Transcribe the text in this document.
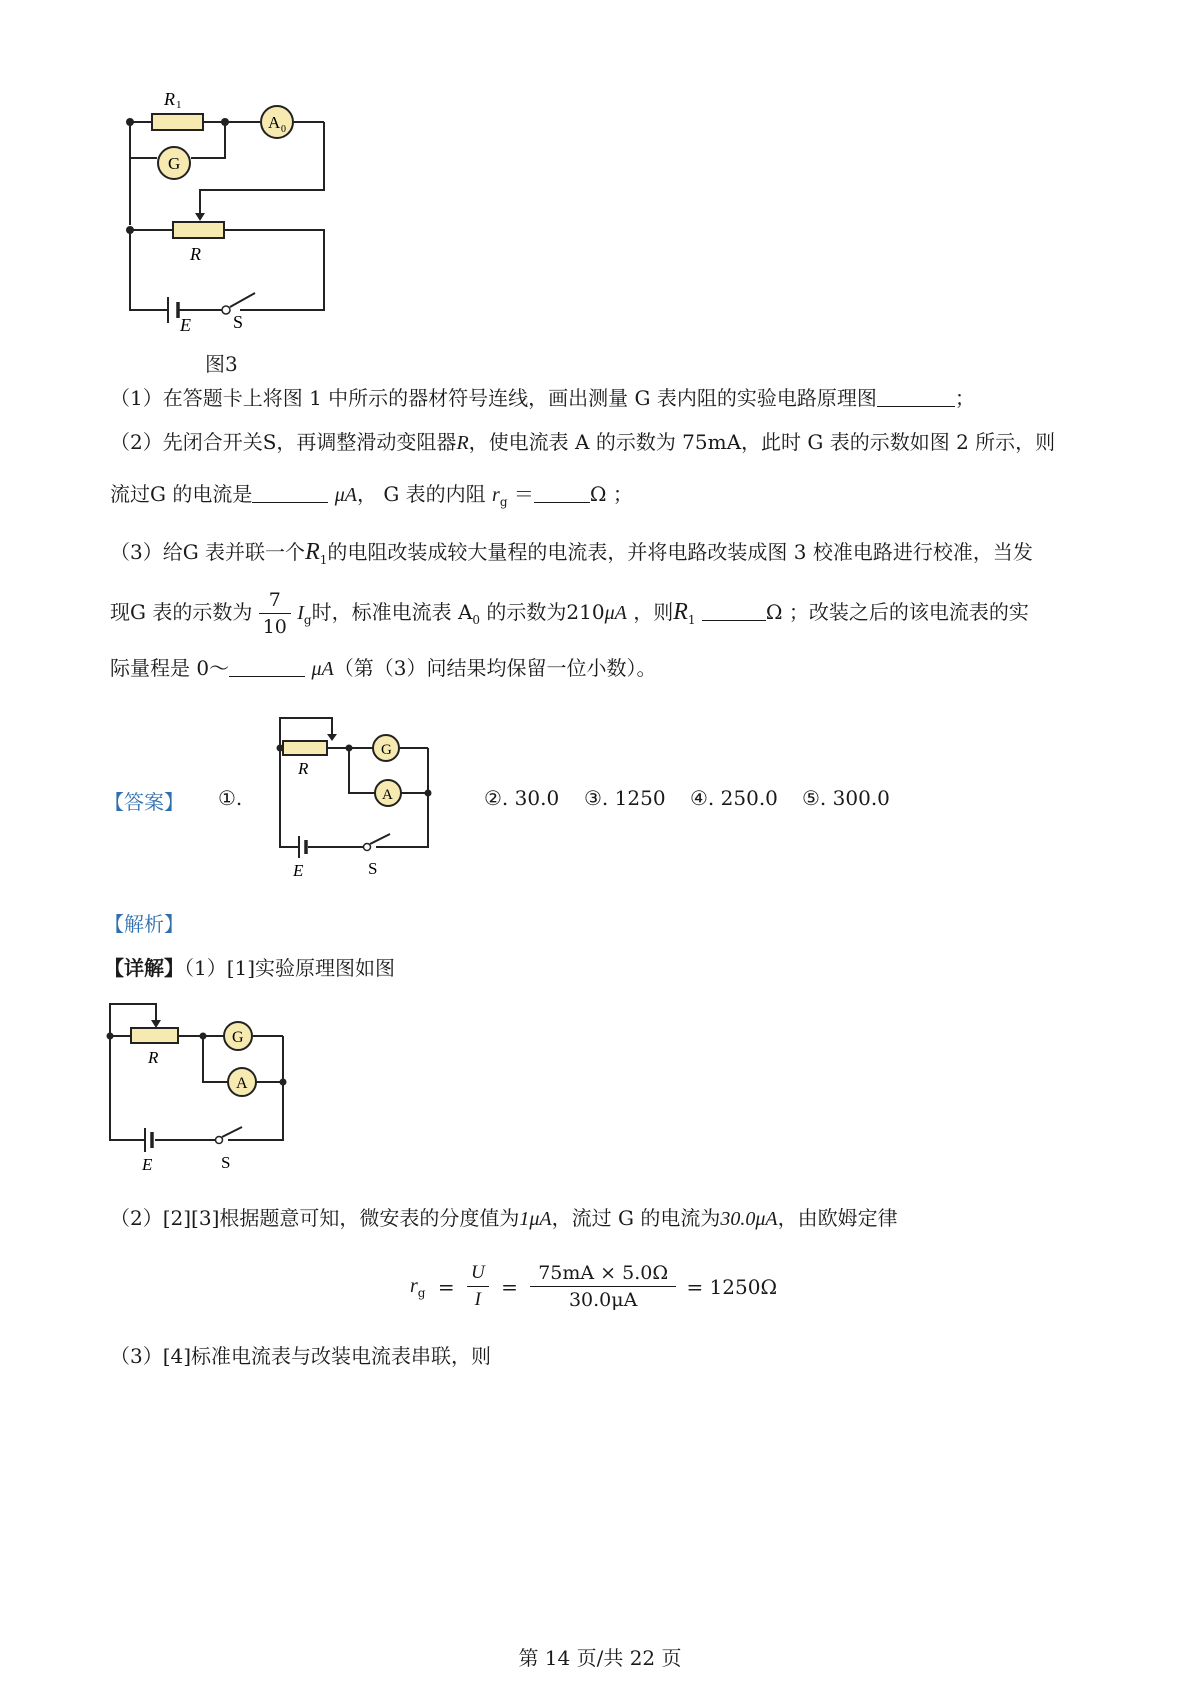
R 1
G
A 0
R
E S
图3
（1）在答题卡上将图 1 中所示的器材符号连线，画出测量 G 表内阻的实验电路原理图	；
（2）先闭合开关S，再调整滑动变阻器R，使电流表 A 的示数为 75mA，此时 G 表的示数如图 2 所示，则
流过G 的电流是	μA， G 表的内阻 $r_g$ ＝	Ω ；
（3）给G 表并联一个$R_1$的电阻改装成较大量程的电流表，并将电路改装成图 3 校准电路进行校准，当发
现G 表的示数为 $\frac{7}{10} I_g$时，标准电流表 $A_0$ 的示数为210μA ，则$R_1$	Ω ；改装之后的该电流表的实
际量程是 0～	μA（第（3）问结果均保留一位小数）。
【答案】 ①.
R
G
A
E	S
②. 30.0 ③. 1250 ④. 250.0 ⑤. 300.0
【解析】
【详解】（1）[1]实验原理图如图
R
G
A
E	S
（2）[2][3]根据题意可知，微安表的分度值为1μA，流过 G 的电流为30.0μA，由欧姆定律
$r_g = \frac{U}{I} = \frac{75mA \times 5.0\Omega}{30.0\mu A} = 1250\Omega$
（3）[4]标准电流表与改装电流表串联，则
第 14 页/共 22 页
